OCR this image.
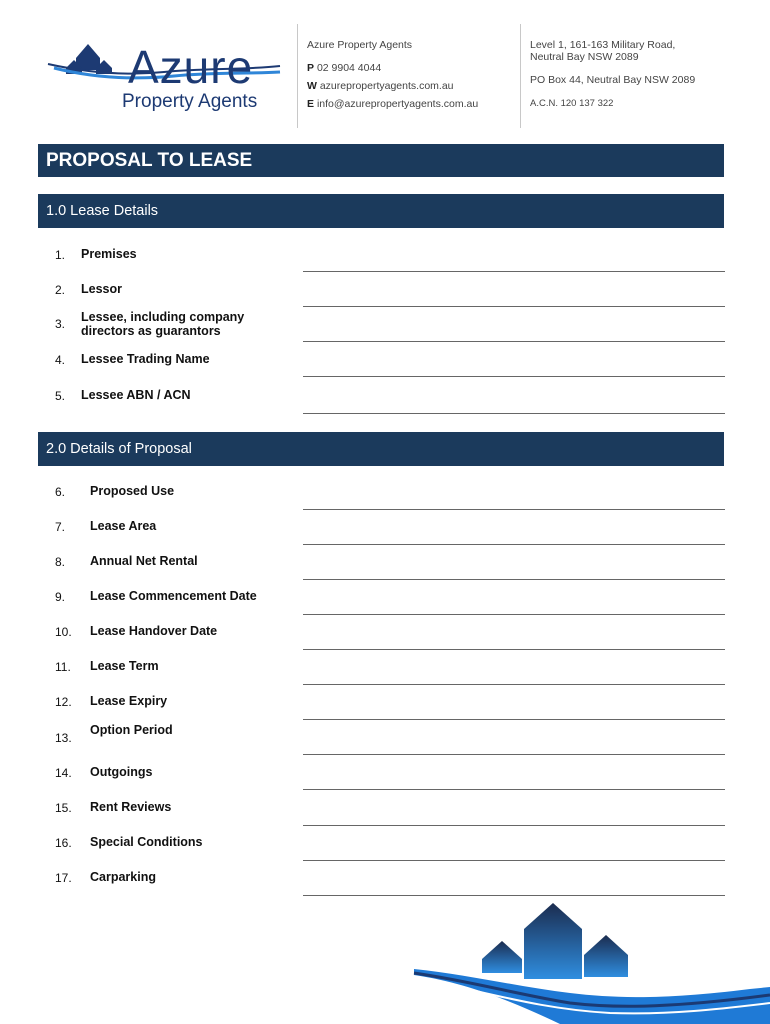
Azure
Property Agents
Azure Property Agents
P 02 9904 4044
W azurepropertyagents.com.au
E info@azurepropertyagents.com.au
Level 1, 161-163 Military Road,
Neutral Bay NSW 2089
PO Box 44, Neutral Bay NSW 2089
A.C.N. 120 137 322
PROPOSAL TO LEASE
1.0 Lease Details
1. Premises
2. Lessor
3. Lessee, including company
directors as guarantors
4. Lessee Trading Name
5. Lessee ABN / ACN
2.0 Details of Proposal
6. Proposed Use
7. Lease Area
8. Annual Net Rental
9. Lease Commencement Date
10. Lease Handover Date
11. Lease Term
12. Lease Expiry
13.
Option Period
14. Outgoings
15. Rent Reviews
16. Special Conditions
17. Carparking
